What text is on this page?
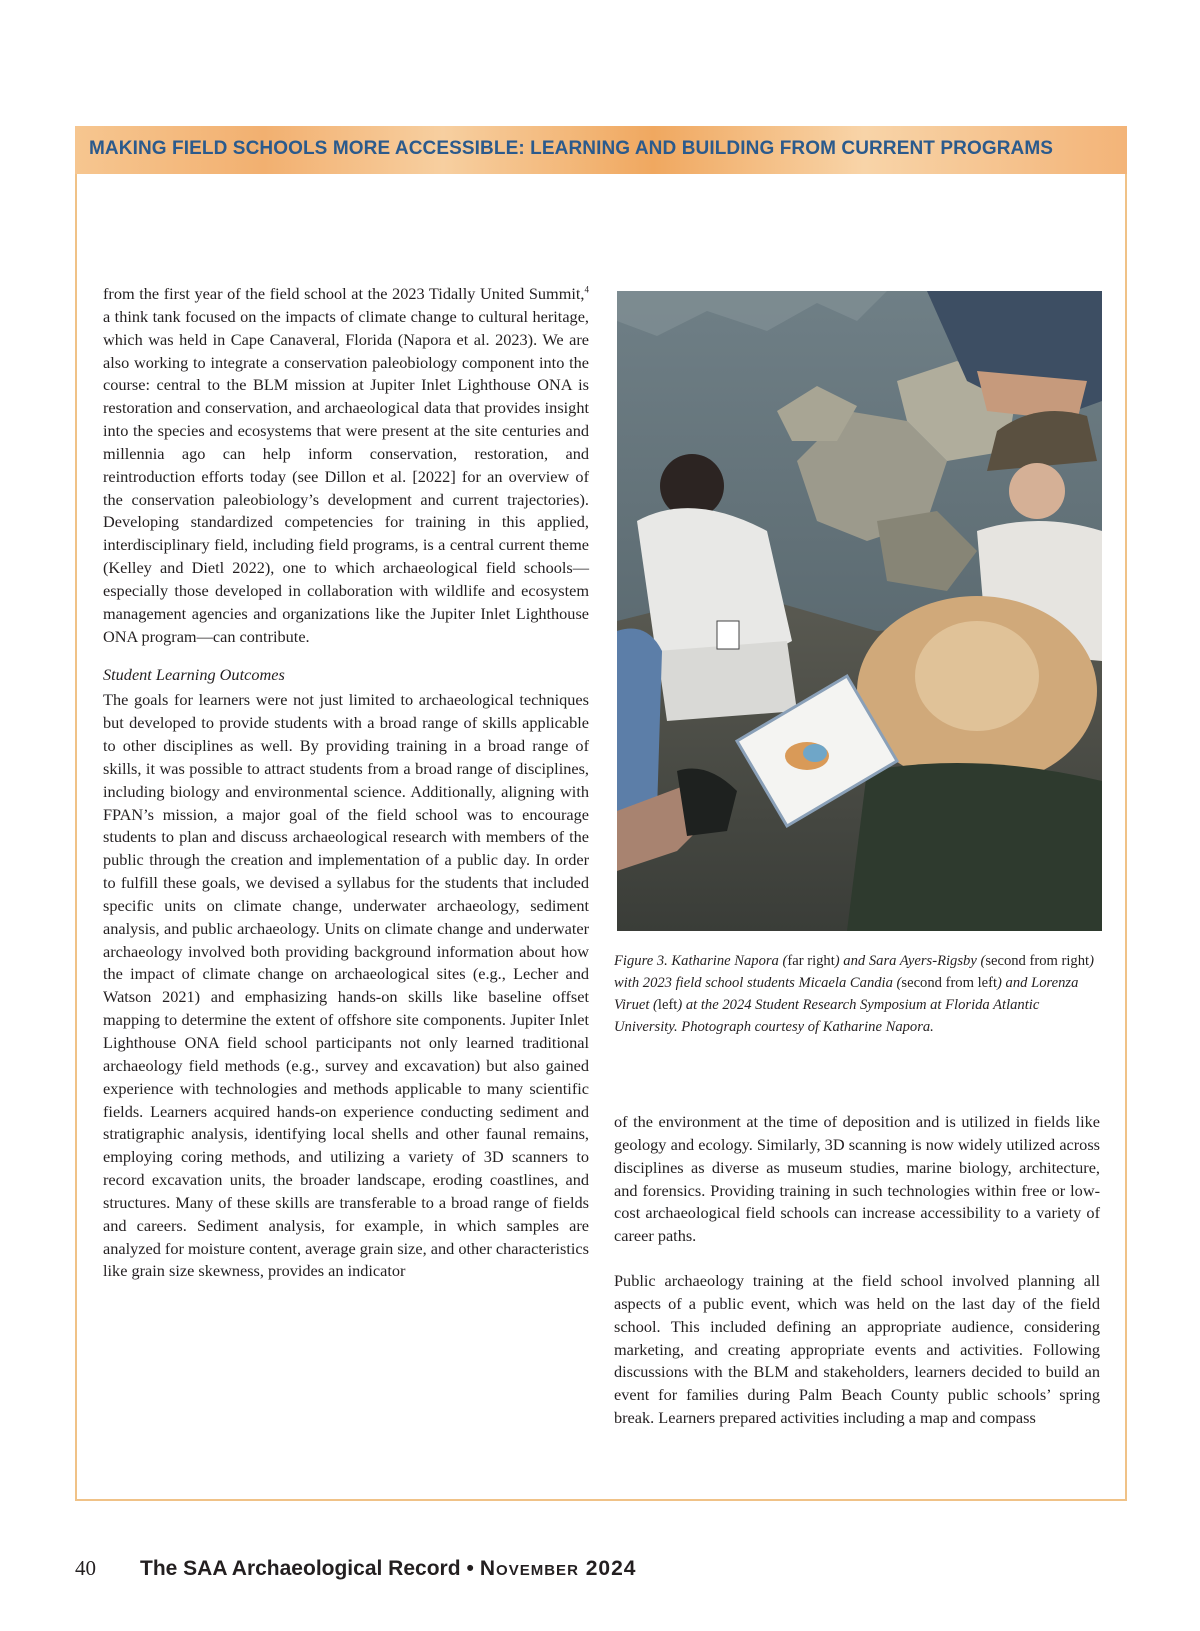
MAKING FIELD SCHOOLS MORE ACCESSIBLE: LEARNING AND BUILDING FROM CURRENT PROGRAMS

from the first year of the field school at the 2023 Tidally United Summit,$^4$ a think tank focused on the impacts of climate change to cultural heritage, which was held in Cape Canaveral, Florida (Napora et al. 2023). We are also working to integrate a conservation paleobiology component into the course: central to the BLM mission at Jupiter Inlet Lighthouse ONA is restoration and conservation, and archaeological data that provides insight into the species and ecosystems that were present at the site centuries and millennia ago can help inform conservation, restoration, and reintroduction efforts today (see Dillon et al. [2022] for an overview of the conservation paleobiology’s development and current trajectories). Developing standardized competencies for training in this applied, interdisciplinary field, including field programs, is a central current theme (Kelley and Dietl 2022), one to which archaeological field schools—especially those developed in collaboration with wildlife and ecosystem management agencies and organizations like the Jupiter Inlet Lighthouse ONA program—can contribute.

Student Learning Outcomes

The goals for learners were not just limited to archaeological techniques but developed to provide students with a broad range of skills applicable to other disciplines as well. By providing training in a broad range of skills, it was possible to attract students from a broad range of disciplines, including biology and environmental science. Additionally, aligning with FPAN’s mission, a major goal of the field school was to encourage students to plan and discuss archaeological research with members of the public through the creation and implementation of a public day. In order to fulfill these goals, we devised a syllabus for the students that included specific units on climate change, underwater archaeology, sediment analysis, and public archaeology. Units on climate change and underwater archaeology involved both providing background information about how the impact of climate change on archaeological sites (e.g., Lecher and Watson 2021) and emphasizing hands-on skills like baseline offset mapping to determine the extent of offshore site components. Jupiter Inlet Lighthouse ONA field school participants not only learned traditional archaeology field methods (e.g., survey and excavation) but also gained experience with technologies and methods applicable to many scientific fields. Learners acquired hands-on experience conducting sediment and stratigraphic analysis, identifying local shells and other faunal remains, employing coring methods, and utilizing a variety of 3D scanners to record excavation units, the broader landscape, eroding coastlines, and structures. Many of these skills are transferable to a broad range of fields and careers. Sediment analysis, for example, in which samples are analyzed for moisture content, average grain size, and other characteristics like grain size skewness, provides an indicator

Figure 3. Katharine Napora (far right) and Sara Ayers-Rigsby (second from right) with 2023 field school students Micaela Candia (second from left) and Lorenza Viruet (left) at the 2024 Student Research Symposium at Florida Atlantic University. Photograph courtesy of Katharine Napora.

of the environment at the time of deposition and is utilized in fields like geology and ecology. Similarly, 3D scanning is now widely utilized across disciplines as diverse as museum studies, marine biology, architecture, and forensics. Providing training in such technologies within free or low-cost archaeological field schools can increase accessibility to a variety of career paths.

Public archaeology training at the field school involved planning all aspects of a public event, which was held on the last day of the field school. This included defining an appropriate audience, considering marketing, and creating appropriate events and activities. Following discussions with the BLM and stakeholders, learners decided to build an event for families during Palm Beach County public schools’ spring break. Learners prepared activities including a map and compass

40 The SAA Archaeological Record • November 2024
